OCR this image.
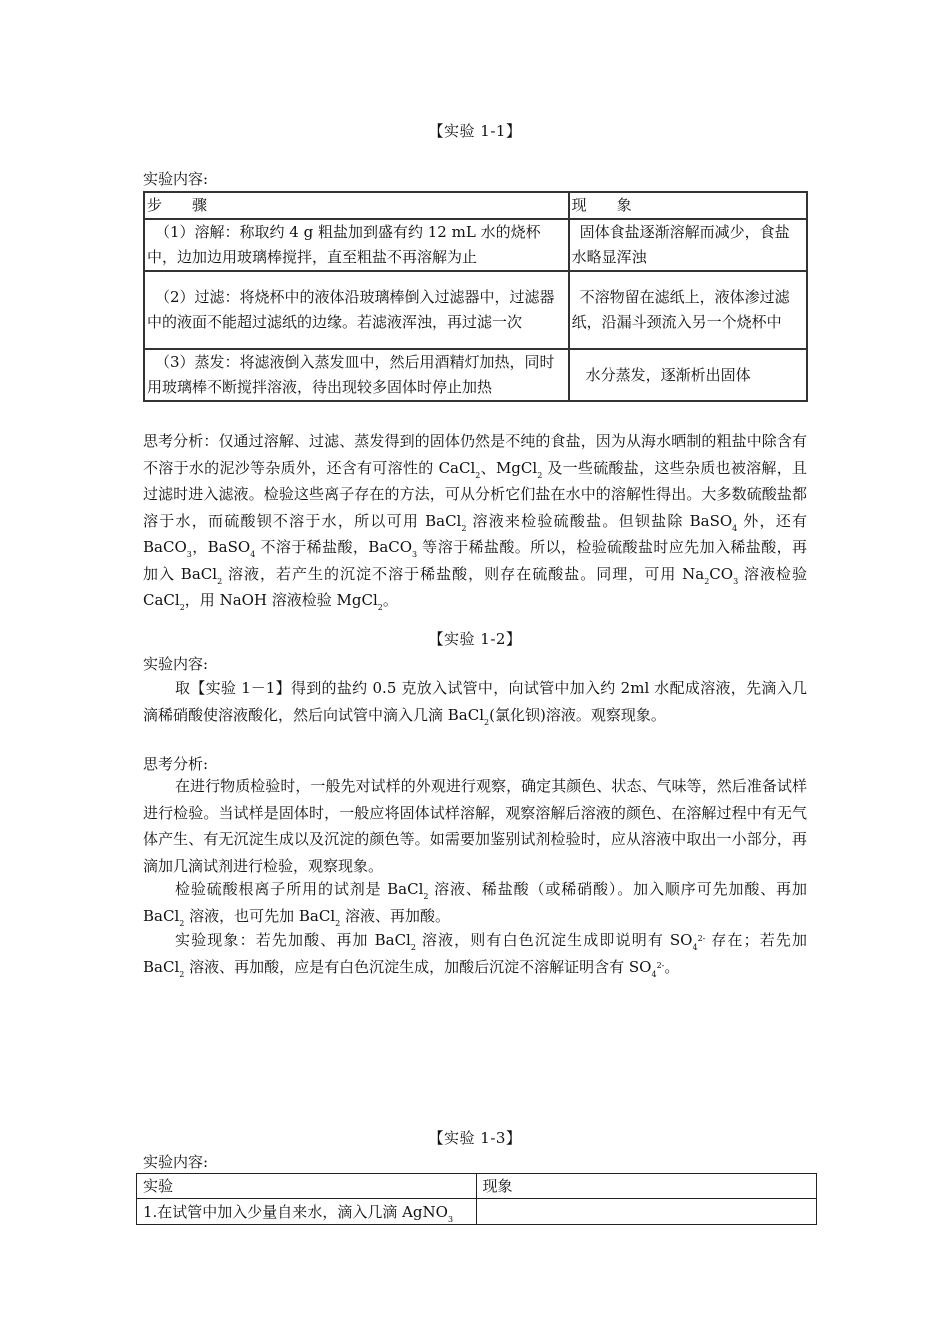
【实验 1-1】
实验内容:
步　　骤	现　　象
（1）溶解：称取约 4 g 粗盐加到盛有约 12 mL 水的烧杯中，边加边用玻璃棒搅拌，直至粗盐不再溶解为止	固体食盐逐渐溶解而减少，食盐水略显浑浊
（2）过滤：将烧杯中的液体沿玻璃棒倒入过滤器中，过滤器中的液面不能超过滤纸的边缘。若滤液浑浊，再过滤一次	不溶物留在滤纸上，液体渗过滤纸，沿漏斗颈流入另一个烧杯中
（3）蒸发：将滤液倒入蒸发皿中，然后用酒精灯加热，同时用玻璃棒不断搅拌溶液，待出现较多固体时停止加热	水分蒸发，逐渐析出固体
思考分析：仅通过溶解、过滤、蒸发得到的固体仍然是不纯的食盐，因为从海水晒制的粗盐中除含有不溶于水的泥沙等杂质外，还含有可溶性的 CaCl$_2$、MgCl$_2$ 及一些硫酸盐，这些杂质也被溶解，且过滤时进入滤液。检验这些离子存在的方法，可从分析它们盐在水中的溶解性得出。大多数硫酸盐都溶于水，而硫酸钡不溶于水，所以可用 BaCl$_2$ 溶液来检验硫酸盐。但钡盐除 BaSO$_4$ 外，还有 BaCO$_3$，BaSO$_4$ 不溶于稀盐酸，BaCO$_3$ 等溶于稀盐酸。所以，检验硫酸盐时应先加入稀盐酸，再加入 BaCl$_2$ 溶液，若产生的沉淀不溶于稀盐酸，则存在硫酸盐。同理，可用 $Na_2CO_3$ 溶液检验 CaCl$_2$，用 NaOH 溶液检验 MgCl$_2$。
【实验 1-2】
实验内容:
取【实验 1－1】得到的盐约 0.5 克放入试管中，向试管中加入约 2ml 水配成溶液，先滴入几滴稀硝酸使溶液酸化，然后向试管中滴入几滴 BaCl$_2$(氯化钡)溶液。观察现象。
思考分析:
在进行物质检验时，一般先对试样的外观进行观察，确定其颜色、状态、气味等，然后准备试样进行检验。当试样是固体时，一般应将固体试样溶解，观察溶解后溶液的颜色、在溶解过程中有无气体产生、有无沉淀生成以及沉淀的颜色等。如需要加鉴别试剂检验时，应从溶液中取出一小部分，再滴加几滴试剂进行检验，观察现象。
检验硫酸根离子所用的试剂是 BaCl$_2$ 溶液、稀盐酸（或稀硝酸）。加入顺序可先加酸、再加 BaCl$_2$ 溶液，也可先加 BaCl$_2$ 溶液、再加酸。
实验现象：若先加酸、再加 BaCl$_2$ 溶液，则有白色沉淀生成即说明有 $SO_4^{2-}$ 存在；若先加 BaCl$_2$ 溶液、再加酸，应是有白色沉淀生成，加酸后沉淀不溶解证明含有 $SO_4^{2-}$。
【实验 1-3】
实验内容:
实验	现象
1.在试管中加入少量自来水，滴入几滴 AgNO$_3$	
